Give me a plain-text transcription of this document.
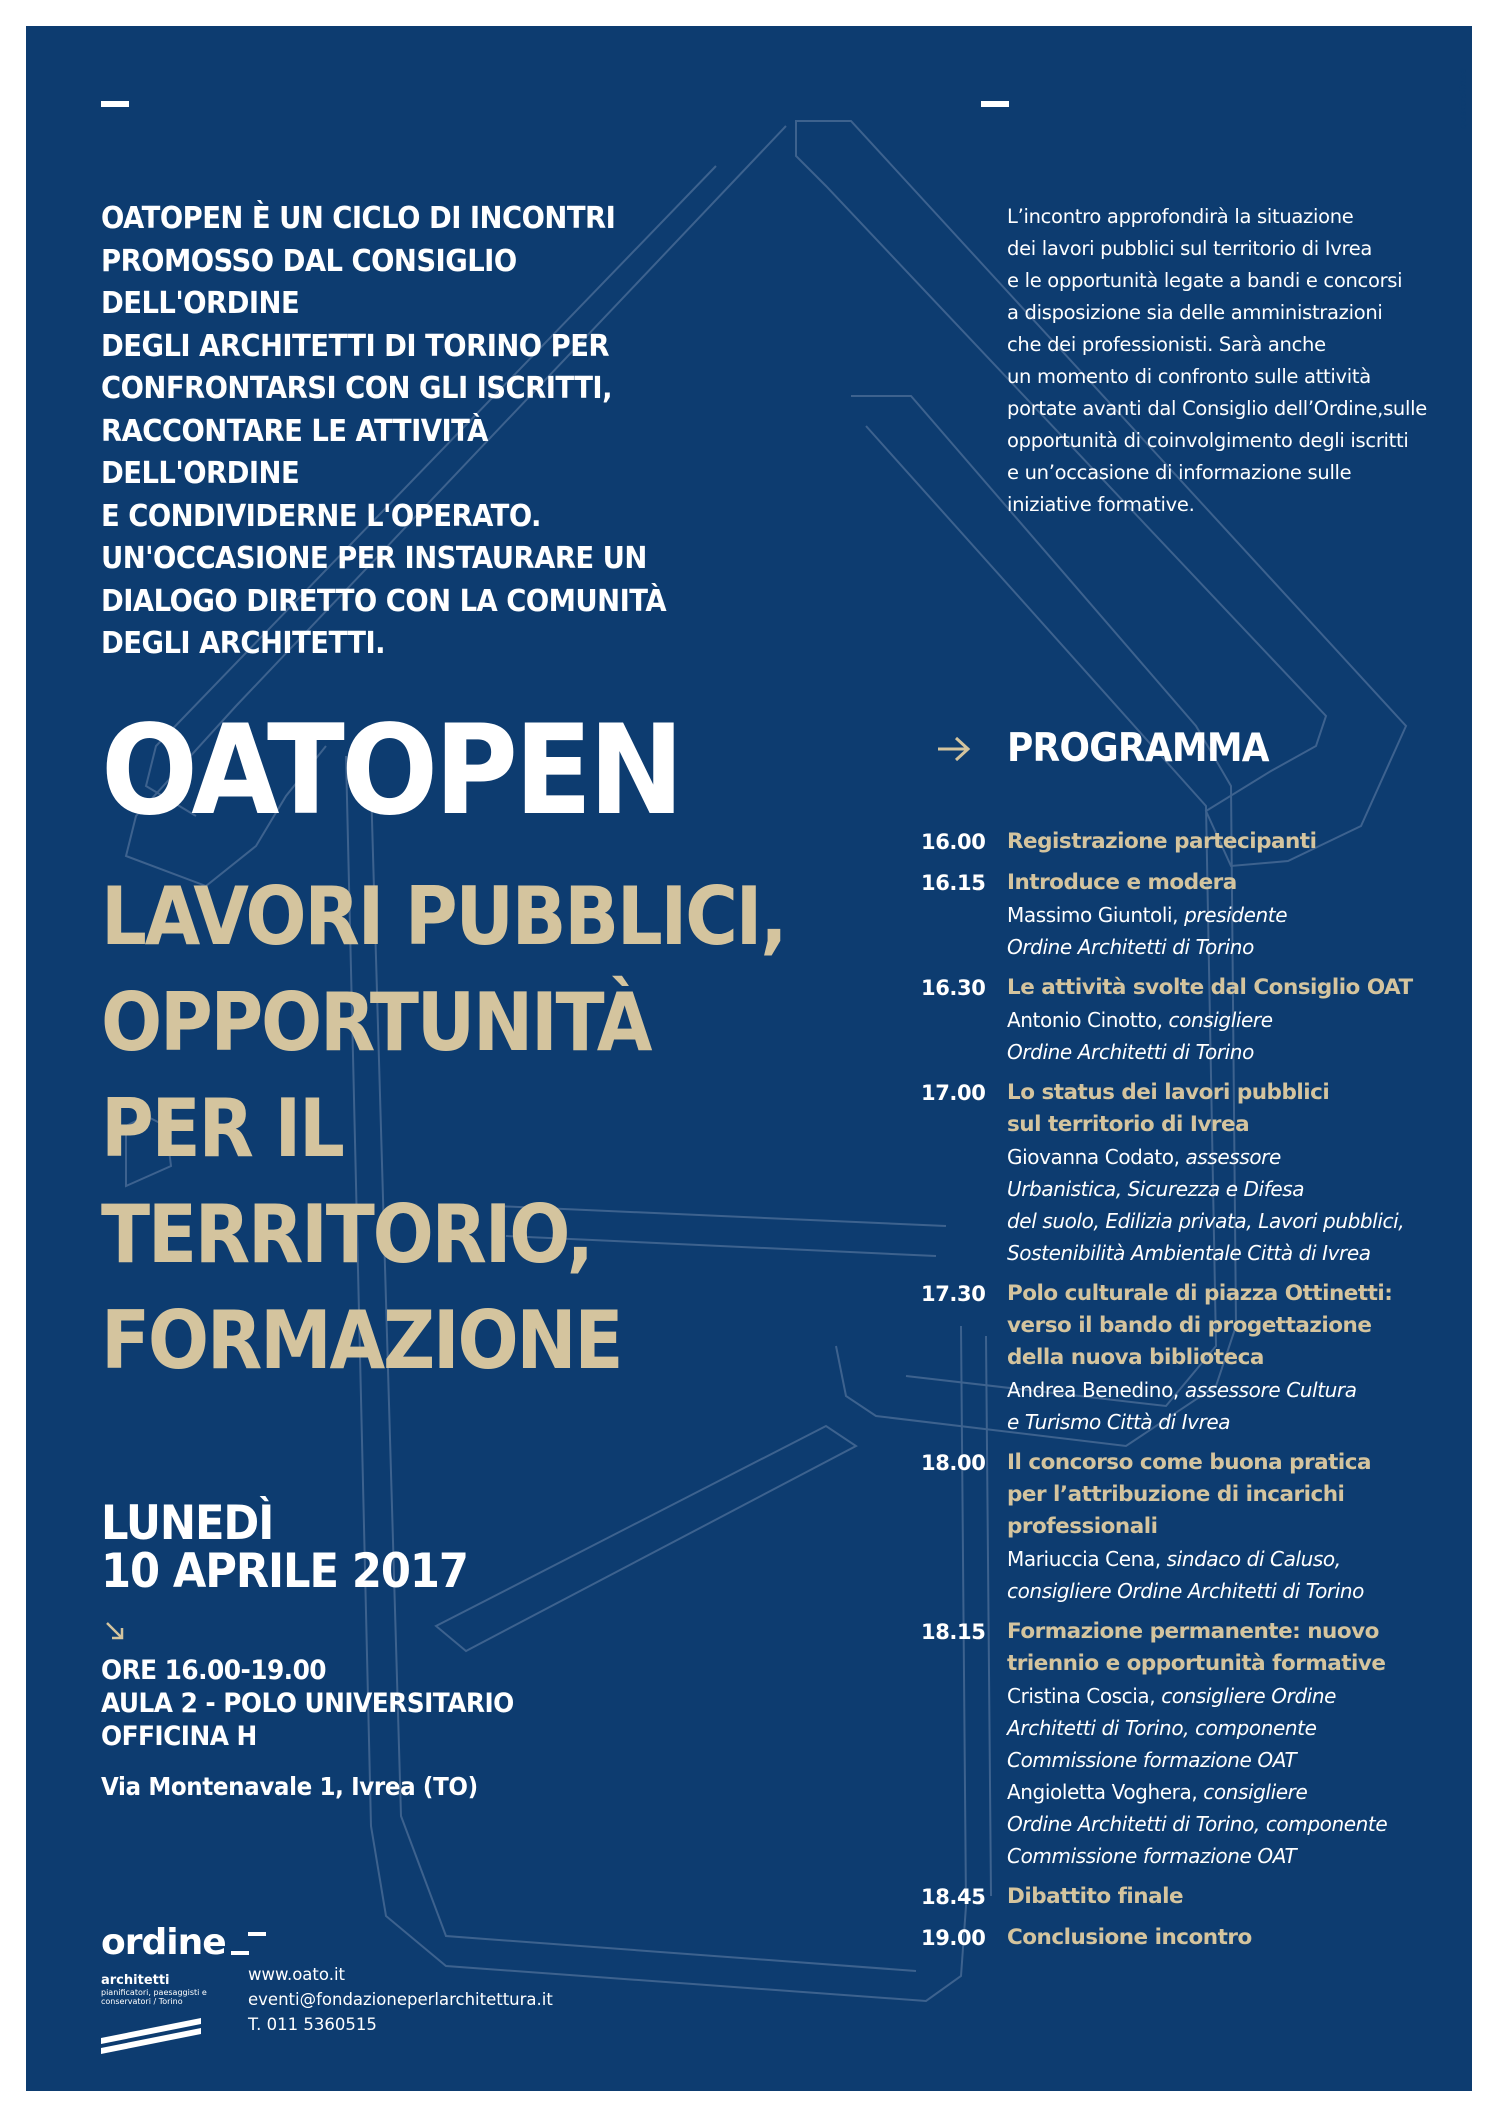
quattrolinee
OATOPEN È UN CICLO DI INCONTRI
PROMOSSO DAL CONSIGLIO DELL'ORDINE
DEGLI ARCHITETTI DI TORINO PER
CONFRONTARSI CON GLI ISCRITTI,
RACCONTARE LE ATTIVITÀ DELL'ORDINE
E CONDIVIDERNE L'OPERATO.
UN'OCCASIONE PER INSTAURARE UN
DIALOGO DIRETTO CON LA COMUNITÀ
DEGLI ARCHITETTI.
L’incontro approfondirà la situazione
dei lavori pubblici sul territorio di Ivrea
e le opportunità legate a bandi e concorsi
a disposizione sia delle amministrazioni
che dei professionisti. Sarà anche
un momento di confronto sulle attività
portate avanti dal Consiglio dell’Ordine,sulle
opportunità di coinvolgimento degli iscritti
e un’occasione di informazione sulle
iniziative formative.
OATOPEN
LAVORI PUBBLICI,
OPPORTUNITÀ
PER IL
TERRITORIO,
FORMAZIONE
LUNEDÌ
10 APRILE 2017
ORE 16.00-19.00
AULA 2 - POLO UNIVERSITARIO
OFFICINA H
Via Montenavale 1, Ivrea (TO)
ordine
architetti
pianificatori, paesaggisti e conservatori / Torino
www.oato.it
eventi@fondazioneperlarchitettura.it
T. 011 5360515
PROGRAMMA
16.00 Registrazione partecipanti
16.15 Introduce e modera
Massimo Giuntoli, presidente
Ordine Architetti di Torino
16.30 Le attività svolte dal Consiglio OAT
Antonio Cinotto, consigliere
Ordine Architetti di Torino
17.00 Lo status dei lavori pubblici
sul territorio di Ivrea
Giovanna Codato, assessore
Urbanistica, Sicurezza e Difesa
del suolo, Edilizia privata, Lavori pubblici,
Sostenibilità Ambientale Città di Ivrea
17.30 Polo culturale di piazza Ottinetti:
verso il bando di progettazione
della nuova biblioteca
Andrea Benedino, assessore Cultura
e Turismo Città di Ivrea
18.00 Il concorso come buona pratica
per l’attribuzione di incarichi
professionali
Mariuccia Cena, sindaco di Caluso,
consigliere Ordine Architetti di Torino
18.15 Formazione permanente: nuovo
triennio e opportunità formative
Cristina Coscia, consigliere Ordine
Architetti di Torino, componente
Commissione formazione OAT
Angioletta Voghera, consigliere
Ordine Architetti di Torino, componente
Commissione formazione OAT
18.45 Dibattito finale
19.00 Conclusione incontro
